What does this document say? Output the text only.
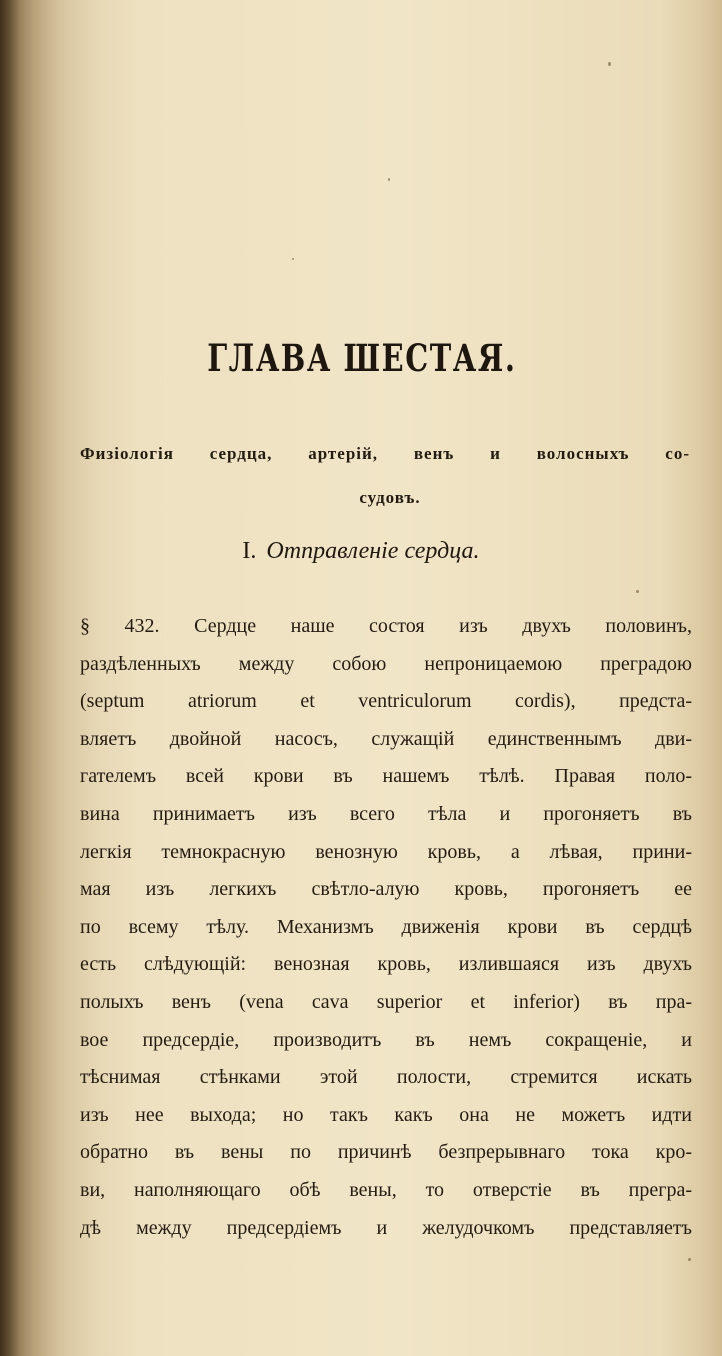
ГЛАВА ШЕСТАЯ.
Физiологiя сердца, артерiй, венъ и волосныхъ со-
судовъ.
I. Отправленiе сердца.
§ 432. Сердце наше состоя изъ двухъ половинъ,
раздѣленныхъ между собою непроницаемою преградою
(septum atriorum et ventriculorum cordis), предста-
вляетъ двойной насосъ, служащiй единственнымъ дви-
гателемъ всей крови въ нашемъ тѣлѣ. Правая поло-
вина принимаетъ изъ всего тѣла и прогоняетъ въ
легкiя темнокрасную венозную кровь, а лѣвая, прини-
мая изъ легкихъ свѣтло-алую кровь, прогоняетъ ее
по всему тѣлу. Механизмъ движенiя крови въ сердцѣ
есть слѣдующiй: венозная кровь, излившаяся изъ двухъ
полыхъ венъ (vena cava superior et inferior) въ пра-
вое предсердiе, производитъ въ немъ сокращенiе, и
тѣснимая стѣнками этой полости, стремится искать
изъ нее выхода; но такъ какъ она не можетъ идти
обратно въ вены по причинѣ безпрерывнаго тока кро-
ви, наполняющаго обѣ вены, то отверстiе въ прегра-
дѣ между предсердiемъ и желудочкомъ представляетъ
